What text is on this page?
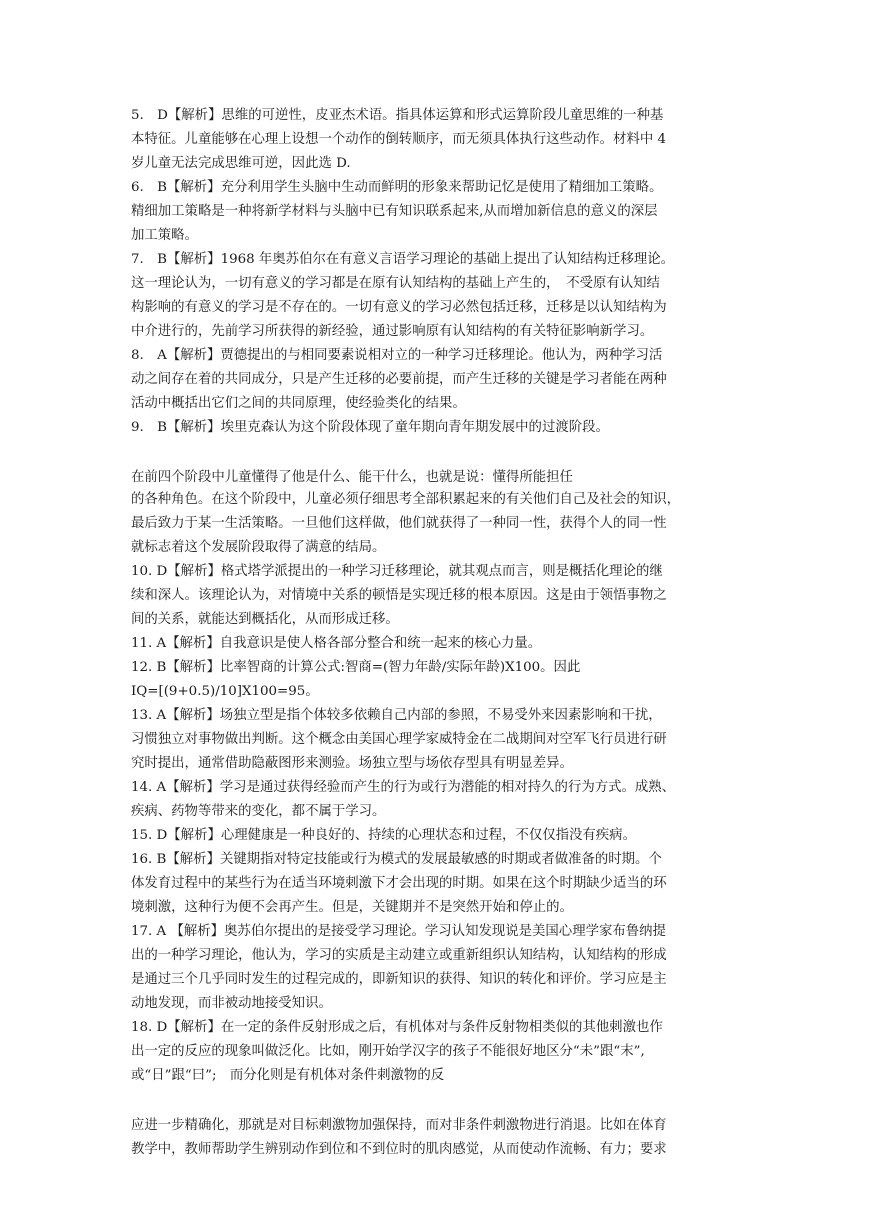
5.　D【解析】思维的可逆性，皮亚杰术语。指具体运算和形式运算阶段儿童思维的一种基
本特征。儿童能够在心理上设想一个动作的倒转顺序，而无须具体执行这些动作。材料中 4
岁儿童无法完成思维可逆，因此选 D.
6.　B【解析】充分利用学生头脑中生动而鲜明的形象来帮助记忆是使用了精细加工策略。
精细加工策略是一种将新学材料与头脑中已有知识联系起来,从而增加新信息的意义的深层
加工策略。
7.　B【解析】1968 年奥苏伯尔在有意义言语学习理论的基础上提出了认知结构迁移理论。
这一理论认为，一切有意义的学习都是在原有认知结构的基础上产生的，　不受原有认知结
构影响的有意义的学习是不存在的。一切有意义的学习必然包括迁移，迁移是以认知结构为
中介进行的，先前学习所获得的新经验，通过影响原有认知结构的有关特征影响新学习。
8.　A【解析】贾德提出的与相同要素说相对立的一种学习迁移理论。他认为，两种学习活
动之间存在着的共同成分，只是产生迁移的必要前提，而产生迁移的关键是学习者能在两种
活动中概括出它们之间的共同原理，使经验类化的结果。
9.　B【解析】埃里克森认为这个阶段体现了童年期向青年期发展中的过渡阶段。
在前四个阶段中儿童懂得了他是什么、能干什么，也就是说：懂得所能担任
的各种角色。在这个阶段中，儿童必须仔细思考全部积累起来的有关他们自己及社会的知识，
最后致力于某一生活策略。一旦他们这样做，他们就获得了一种同一性，获得个人的同一性
就标志着这个发展阶段取得了满意的结局。
10. D【解析】格式塔学派提出的一种学习迁移理论，就其观点而言，则是概括化理论的继
续和深人。该理论认为，对情境中关系的顿悟是实现迁移的根本原因。这是由于领悟事物之
间的关系，就能达到概括化，从而形成迁移。
11. A【解析】自我意识是使人格各部分整合和统一起来的核心力量。
12. B【解析】比率智商的计算公式:智商=(智力年龄/实际年龄)X100。因此
IQ=[(9+0.5)/10]X100=95。
13. A【解析】场独立型是指个体较多依赖自己内部的参照，不易受外来因素影响和干扰，
习惯独立对事物做出判断。这个概念由美国心理学家威特金在二战期间对空军飞行员进行研
究时提出，通常借助隐蔽图形来测验。场独立型与场依存型具有明显差异。
14. A【解析】学习是通过获得经验而产生的行为或行为潜能的相对持久的行为方式。成熟、
疾病、药物等带来的变化，都不属于学习。
15. D【解析】心理健康是一种良好的、持续的心理状态和过程，不仅仅指没有疾病。
16. B【解析】关键期指对特定技能或行为模式的发展最敏感的时期或者做准备的时期。个
体发育过程中的某些行为在适当环境刺激下才会出现的时期。如果在这个时期缺少适当的环
境刺激，这种行为便不会再产生。但是，关键期并不是突然开始和停止的。
17. A 【解析】奥苏伯尔提出的是接受学习理论。学习认知发现说是美国心理学家布鲁纳提
出的一种学习理论，他认为，学习的实质是主动建立或重新组织认知结构，认知结构的形成
是通过三个几乎同时发生的过程完成的，即新知识的获得、知识的转化和评价。学习应是主
动地发现，而非被动地接受知识。
18. D【解析】在一定的条件反射形成之后，有机体对与条件反射物相类似的其他刺激也作
出一定的反应的现象叫做泛化。比如，刚开始学汉字的孩子不能很好地区分“未”跟“末”,
或“日”跟“曰”;　而分化则是有机体对条件刺激物的反
应进一步精确化，那就是对目标刺激物加强保持，而对非条件刺激物进行消退。比如在体育
教学中，教师帮助学生辨别动作到位和不到位时的肌肉感觉，从而使动作流畅、有力；要求
